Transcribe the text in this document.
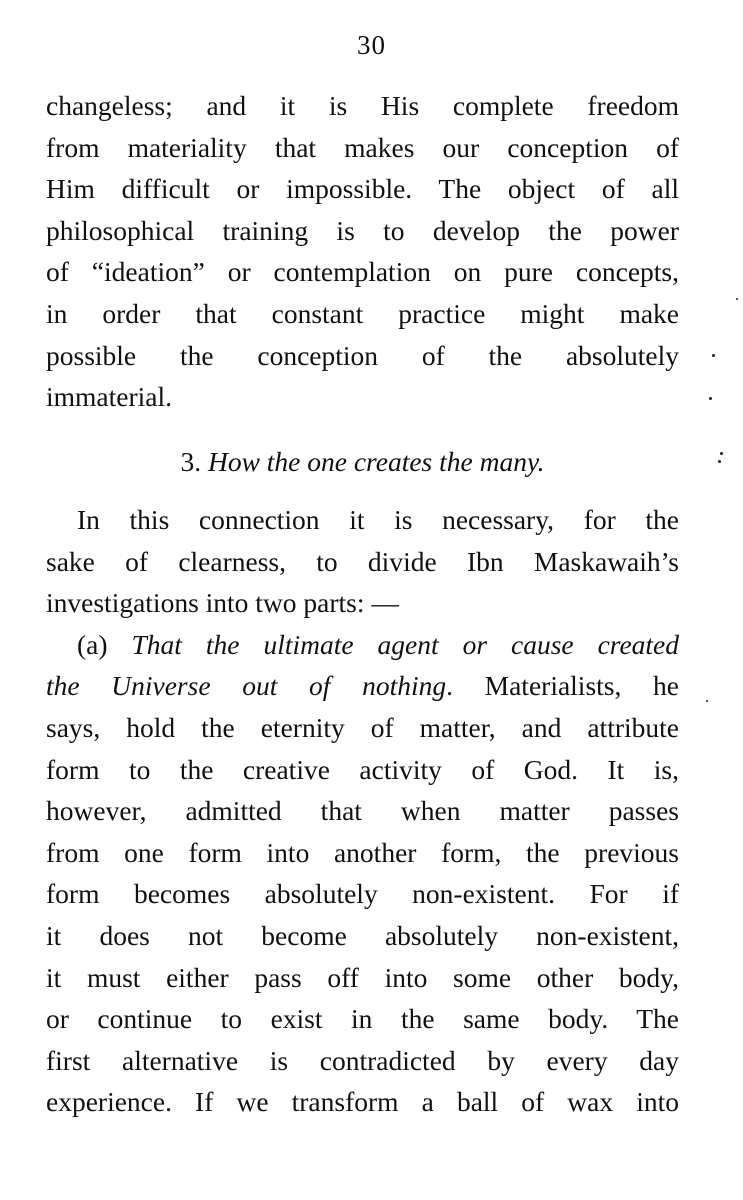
30
changeless; and it is His complete freedom
from materiality that makes our conception of
Him difficult or impossible. The object of all
philosophical training is to develop the power
of “ideation” or contemplation on pure concepts,
in order that constant practice might make
possible the conception of the absolutely
immaterial.
3. How the one creates the many.
In this connection it is necessary, for the
sake of clearness, to divide Ibn Maskawaih’s
investigations into two parts: —
(a) That the ultimate agent or cause created
the Universe out of nothing. Materialists, he
says, hold the eternity of matter, and attribute
form to the creative activity of God. It is,
however, admitted that when matter passes
from one form into another form, the previous
form becomes absolutely non-existent. For if
it does not become absolutely non-existent,
it must either pass off into some other body,
or continue to exist in the same body. The
first alternative is contradicted by every day
experience. If we transform a ball of wax into
